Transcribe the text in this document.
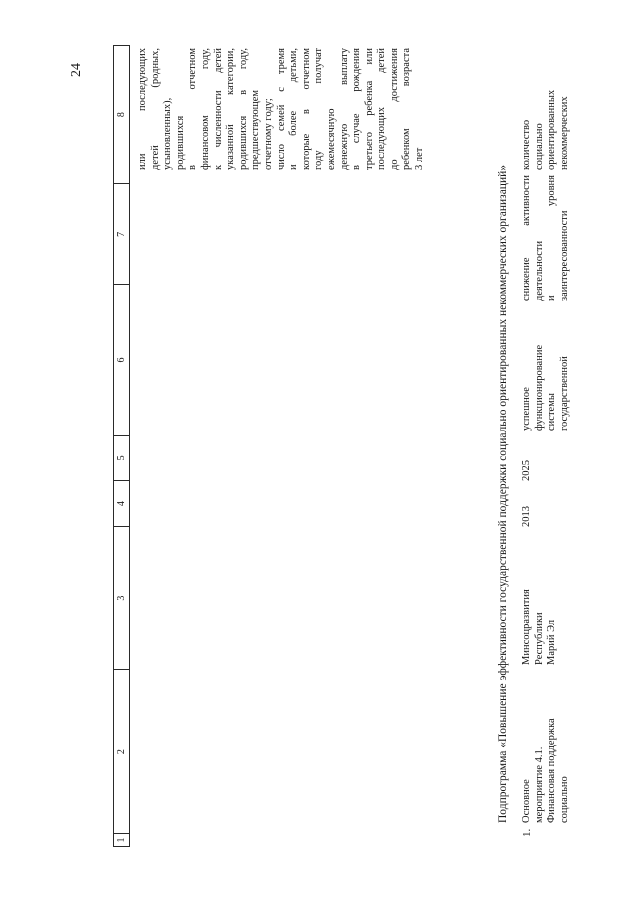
24
1
2
3
4
5
6
7
8 или последующих детей (родных, усыновленных), родившихся в отчетном финансовом году, к численности детей указанной категории, родившихся в году, предшествующем отчетному году; число семей с тремя и более детьми, которые в отчетном году получат ежемесячную денежную выплату в случае рождения третьего ребенка или последующих детей до достижения ребенком возраста 3 лет
Подпрограмма «Повышение эффективности государственной поддержки социально ориентированных некоммерческих организаций»
1.
Основное мероприятие 4.1. Финансовая поддержка социально
Минсоцразвития Республики Марий Эл
2013
2025
успешное функционирование системы государственной
снижение активности деятельности и уровня заинтересованности
количество социально ориентированных некоммерческих
